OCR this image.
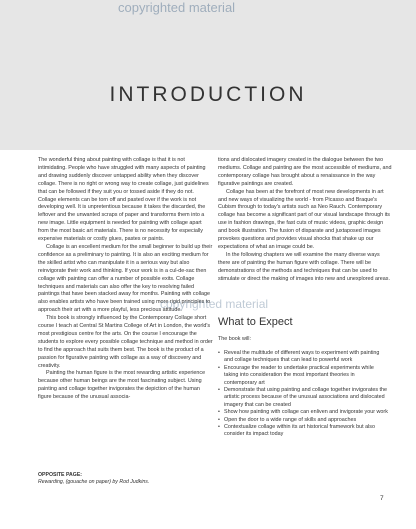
copyrighted material
INTRODUCTION

The wonderful thing about painting with collage is that it is not intimidating. People who have struggled with many aspects of painting and drawing suddenly discover untapped ability when they discover collage. There is no right or wrong way to create collage, just guidelines that can be followed if they suit you or tossed aside if they do not. Collage elements can be torn off and pasted over if the work is not developing well. It is unpretentious because it takes the discarded, the leftover and the unwanted scraps of paper and transforms them into a new image. Little equipment is needed for painting with collage apart from the most basic art materials. There is no necessity for especially expensive materials or costly glues, pastes or paints.

Collage is an excellent medium for the small beginner to build up their confidence as a preliminary to painting. It is also an exciting medium for the skilled artist who can manipulate it in a serious way but also reinvigorate their work and thinking. If your work is in a cul-de-sac then collage with painting can offer a number of possible exits. Collage techniques and materials can also offer the key to resolving failed paintings that have been stacked away for months. Painting with collage also enables artists who have been trained using more rigid principles to approach their art with a more playful, less precious attitude.

This book is strongly influenced by the Contemporary Collage short course I teach at Central St Martins College of Art in London, the world's most prestigious centre for the arts. On the course I encourage the students to explore every possible collage technique and method in order to find the approach that suits them best. The book is the product of a passion for figurative painting with collage as a way of discovery and creativity.

Painting the human figure is the most rewarding artistic experience because other human beings are the most fascinating subject. Using painting and collage together invigorates the depiction of the human figure because of the unusual associa-

tions and dislocated imagery created in the dialogue between the two mediums. Collage and painting are the most accessible of mediums, and contemporary collage has brought about a renaissance in the way figurative paintings are created.

Collage has been at the forefront of most new developments in art and new ways of visualizing the world - from Picasso and Braque's Cubism through to today's artists such as Neo Rauch. Contemporary collage has become a significant part of our visual landscape through its use in fashion drawings, the fast cuts of music videos, graphic design and book illustration. The fusion of disparate and juxtaposed images provokes questions and provides visual shocks that shake up our expectations of what an image could be.

In the following chapters we will examine the many diverse ways there are of painting the human figure with collage. There will be demonstrations of the methods and techniques that can be used to stimulate or direct the making of images into new and unexplored areas.

copyrighted material
What to Expect
The book will:
• Reveal the multitude of different ways to experiment with painting and collage techniques that can lead to powerful work
• Encourage the reader to undertake practical experiments while taking into consideration the most important theories in contemporary art
• Demonstrate that using painting and collage together invigorates the artistic process because of the unusual associations and dislocated imagery that can be created
• Show how painting with collage can enliven and invigorate your work
• Open the door to a wide range of skills and approaches
• Contextualize collage within its art historical framework but also consider its impact today
OPPOSITE PAGE:
Rewarding, (gouache on paper) by Rod Judkins.
7
